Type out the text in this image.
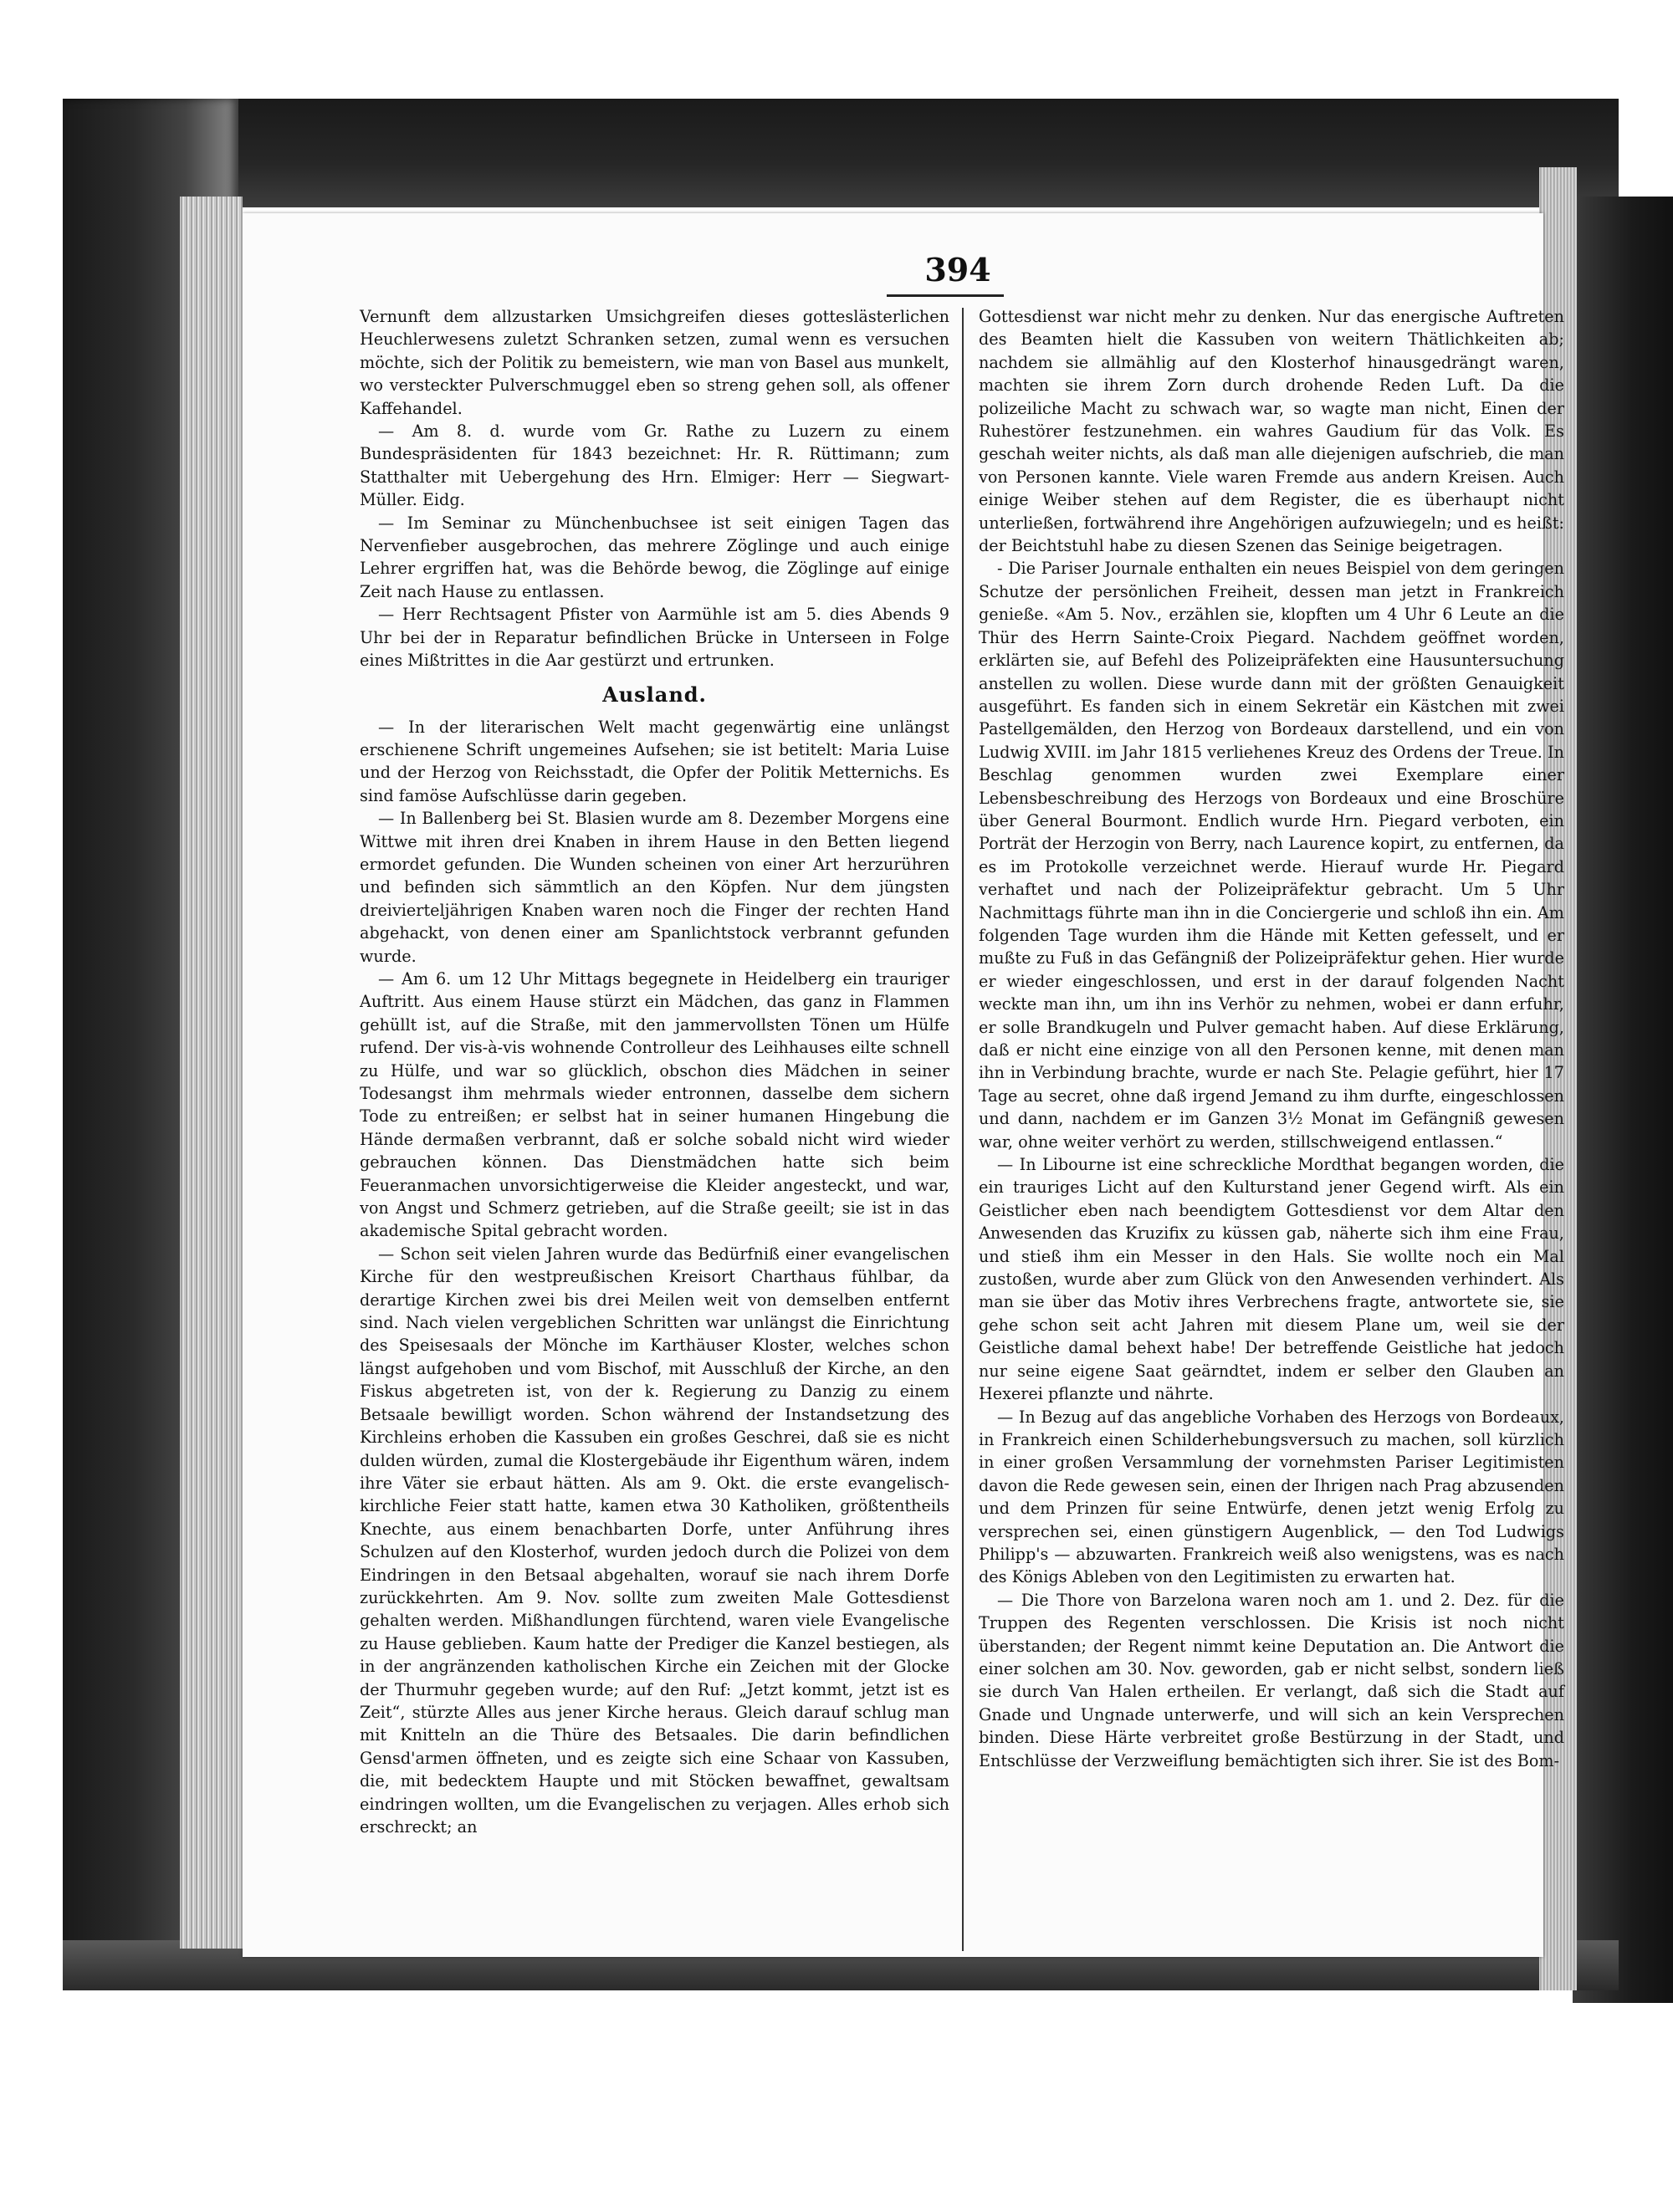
394

Vernunft dem allzustarken Umsichgreifen dieses gotteslästerlichen Heuchlerwesens zuletzt Schranken setzen, zumal wenn es versuchen möchte, sich der Politik zu bemeistern, wie man von Basel aus munkelt, wo versteckter Pulverschmuggel eben so streng gehen soll, als offener Kaffehandel.

— Am 8. d. wurde vom Gr. Rathe zu Luzern zu einem Bundespräsidenten für 1843 bezeichnet: Hr. R. Rüttimann; zum Statthalter mit Uebergehung des Hrn. Elmiger: Herr — Siegwart-Müller. Eidg.

— Im Seminar zu Münchenbuchsee ist seit einigen Tagen das Nervenfieber ausgebrochen, das mehrere Zöglinge und auch einige Lehrer ergriffen hat, was die Behörde bewog, die Zöglinge auf einige Zeit nach Hause zu entlassen.

— Herr Rechtsagent Pfister von Aarmühle ist am 5. dies Abends 9 Uhr bei der in Reparatur befindlichen Brücke in Unterseen in Folge eines Mißtrittes in die Aar gestürzt und ertrunken.

Ausland.

— In der literarischen Welt macht gegenwärtig eine unlängst erschienene Schrift ungemeines Aufsehen; sie ist betitelt: Maria Luise und der Herzog von Reichsstadt, die Opfer der Politik Metternichs. Es sind famöse Aufschlüsse darin gegeben.

— In Ballenberg bei St. Blasien wurde am 8. Dezember Morgens eine Wittwe mit ihren drei Knaben in ihrem Hause in den Betten liegend ermordet gefunden. Die Wunden scheinen von einer Art herzurühren und befinden sich sämmtlich an den Köpfen. Nur dem jüngsten dreivierteljährigen Knaben waren noch die Finger der rechten Hand abgehackt, von denen einer am Spanlichtstock verbrannt gefunden wurde.

— Am 6. um 12 Uhr Mittags begegnete in Heidelberg ein trauriger Auftritt. Aus einem Hause stürzt ein Mädchen, das ganz in Flammen gehüllt ist, auf die Straße, mit den jammervollsten Tönen um Hülfe rufend. Der vis-à-vis wohnende Controlleur des Leihhauses eilte schnell zu Hülfe, und war so glücklich, obschon dies Mädchen in seiner Todesangst ihm mehrmals wieder entronnen, dasselbe dem sichern Tode zu entreißen; er selbst hat in seiner humanen Hingebung die Hände dermaßen verbrannt, daß er solche sobald nicht wird wieder gebrauchen können. Das Dienstmädchen hatte sich beim Feueranmachen unvorsichtigerweise die Kleider angesteckt, und war, von Angst und Schmerz getrieben, auf die Straße geeilt; sie ist in das akademische Spital gebracht worden.

— Schon seit vielen Jahren wurde das Bedürfniß einer evangelischen Kirche für den westpreußischen Kreisort Charthaus fühlbar, da derartige Kirchen zwei bis drei Meilen weit von demselben entfernt sind. Nach vielen vergeblichen Schritten war unlängst die Einrichtung des Speisesaals der Mönche im Karthäuser Kloster, welches schon längst aufgehoben und vom Bischof, mit Ausschluß der Kirche, an den Fiskus abgetreten ist, von der k. Regierung zu Danzig zu einem Betsaale bewilligt worden. Schon während der Instandsetzung des Kirchleins erhoben die Kassuben ein großes Geschrei, daß sie es nicht dulden würden, zumal die Klostergebäude ihr Eigenthum wären, indem ihre Väter sie erbaut hätten. Als am 9. Okt. die erste evangelisch-kirchliche Feier statt hatte, kamen etwa 30 Katholiken, größtentheils Knechte, aus einem benachbarten Dorfe, unter Anführung ihres Schulzen auf den Klosterhof, wurden jedoch durch die Polizei von dem Eindringen in den Betsaal abgehalten, worauf sie nach ihrem Dorfe zurückkehrten. Am 9. Nov. sollte zum zweiten Male Gottesdienst gehalten werden. Mißhandlungen fürchtend, waren viele Evangelische zu Hause geblieben. Kaum hatte der Prediger die Kanzel bestiegen, als in der angränzenden katholischen Kirche ein Zeichen mit der Glocke der Thurmuhr gegeben wurde; auf den Ruf: „Jetzt kommt, jetzt ist es Zeit“, stürzte Alles aus jener Kirche heraus. Gleich darauf schlug man mit Knitteln an die Thüre des Betsaales. Die darin befindlichen Gensd'armen öffneten, und es zeigte sich eine Schaar von Kassuben, die, mit bedecktem Haupte und mit Stöcken bewaffnet, gewaltsam eindringen wollten, um die Evangelischen zu verjagen. Alles erhob sich erschreckt; an

Gottesdienst war nicht mehr zu denken. Nur das energische Auftreten des Beamten hielt die Kassuben von weitern Thätlichkeiten ab; nachdem sie allmählig auf den Klosterhof hinausgedrängt waren, machten sie ihrem Zorn durch drohende Reden Luft. Da die polizeiliche Macht zu schwach war, so wagte man nicht, Einen der Ruhestörer festzunehmen. ein wahres Gaudium für das Volk. Es geschah weiter nichts, als daß man alle diejenigen aufschrieb, die man von Personen kannte. Viele waren Fremde aus andern Kreisen. Auch einige Weiber stehen auf dem Register, die es überhaupt nicht unterließen, fortwährend ihre Angehörigen aufzuwiegeln; und es heißt: der Beichtstuhl habe zu diesen Szenen das Seinige beigetragen.

- Die Pariser Journale enthalten ein neues Beispiel von dem geringen Schutze der persönlichen Freiheit, dessen man jetzt in Frankreich genieße. «Am 5. Nov., erzählen sie, klopften um 4 Uhr 6 Leute an die Thür des Herrn Sainte-Croix Piegard. Nachdem geöffnet worden, erklärten sie, auf Befehl des Polizeipräfekten eine Hausuntersuchung anstellen zu wollen. Diese wurde dann mit der größten Genauigkeit ausgeführt. Es fanden sich in einem Sekretär ein Kästchen mit zwei Pastellgemälden, den Herzog von Bordeaux darstellend, und ein von Ludwig XVIII. im Jahr 1815 verliehenes Kreuz des Ordens der Treue. In Beschlag genommen wurden zwei Exemplare einer Lebensbeschreibung des Herzogs von Bordeaux und eine Broschüre über General Bourmont. Endlich wurde Hrn. Piegard verboten, ein Porträt der Herzogin von Berry, nach Laurence kopirt, zu entfernen, da es im Protokolle verzeichnet werde. Hierauf wurde Hr. Piegard verhaftet und nach der Polizeipräfektur gebracht. Um 5 Uhr Nachmittags führte man ihn in die Conciergerie und schloß ihn ein. Am folgenden Tage wurden ihm die Hände mit Ketten gefesselt, und er mußte zu Fuß in das Gefängniß der Polizeipräfektur gehen. Hier wurde er wieder eingeschlossen, und erst in der darauf folgenden Nacht weckte man ihn, um ihn ins Verhör zu nehmen, wobei er dann erfuhr, er solle Brandkugeln und Pulver gemacht haben. Auf diese Erklärung, daß er nicht eine einzige von all den Personen kenne, mit denen man ihn in Verbindung brachte, wurde er nach Ste. Pelagie geführt, hier 17 Tage au secret, ohne daß irgend Jemand zu ihm durfte, eingeschlossen und dann, nachdem er im Ganzen 3½ Monat im Gefängniß gewesen war, ohne weiter verhört zu werden, stillschweigend entlassen.“

— In Libourne ist eine schreckliche Mordthat begangen worden, die ein trauriges Licht auf den Kulturstand jener Gegend wirft. Als ein Geistlicher eben nach beendigtem Gottesdienst vor dem Altar den Anwesenden das Kruzifix zu küssen gab, näherte sich ihm eine Frau, und stieß ihm ein Messer in den Hals. Sie wollte noch ein Mal zustoßen, wurde aber zum Glück von den Anwesenden verhindert. Als man sie über das Motiv ihres Verbrechens fragte, antwortete sie, sie gehe schon seit acht Jahren mit diesem Plane um, weil sie der Geistliche damal behext habe! Der betreffende Geistliche hat jedoch nur seine eigene Saat geärndtet, indem er selber den Glauben an Hexerei pflanzte und nährte.

— In Bezug auf das angebliche Vorhaben des Herzogs von Bordeaux, in Frankreich einen Schilderhebungsversuch zu machen, soll kürzlich in einer großen Versammlung der vornehmsten Pariser Legitimisten davon die Rede gewesen sein, einen der Ihrigen nach Prag abzusenden und dem Prinzen für seine Entwürfe, denen jetzt wenig Erfolg zu versprechen sei, einen günstigern Augenblick, — den Tod Ludwigs Philipp's — abzuwarten. Frankreich weiß also wenigstens, was es nach des Königs Ableben von den Legitimisten zu erwarten hat.

— Die Thore von Barzelona waren noch am 1. und 2. Dez. für die Truppen des Regenten verschlossen. Die Krisis ist noch nicht überstanden; der Regent nimmt keine Deputation an. Die Antwort die einer solchen am 30. Nov. geworden, gab er nicht selbst, sondern ließ sie durch Van Halen ertheilen. Er verlangt, daß sich die Stadt auf Gnade und Ungnade unterwerfe, und will sich an kein Versprechen binden. Diese Härte verbreitet große Bestürzung in der Stadt, und Entschlüsse der Verzweiflung bemächtigten sich ihrer. Sie ist des Bom-
